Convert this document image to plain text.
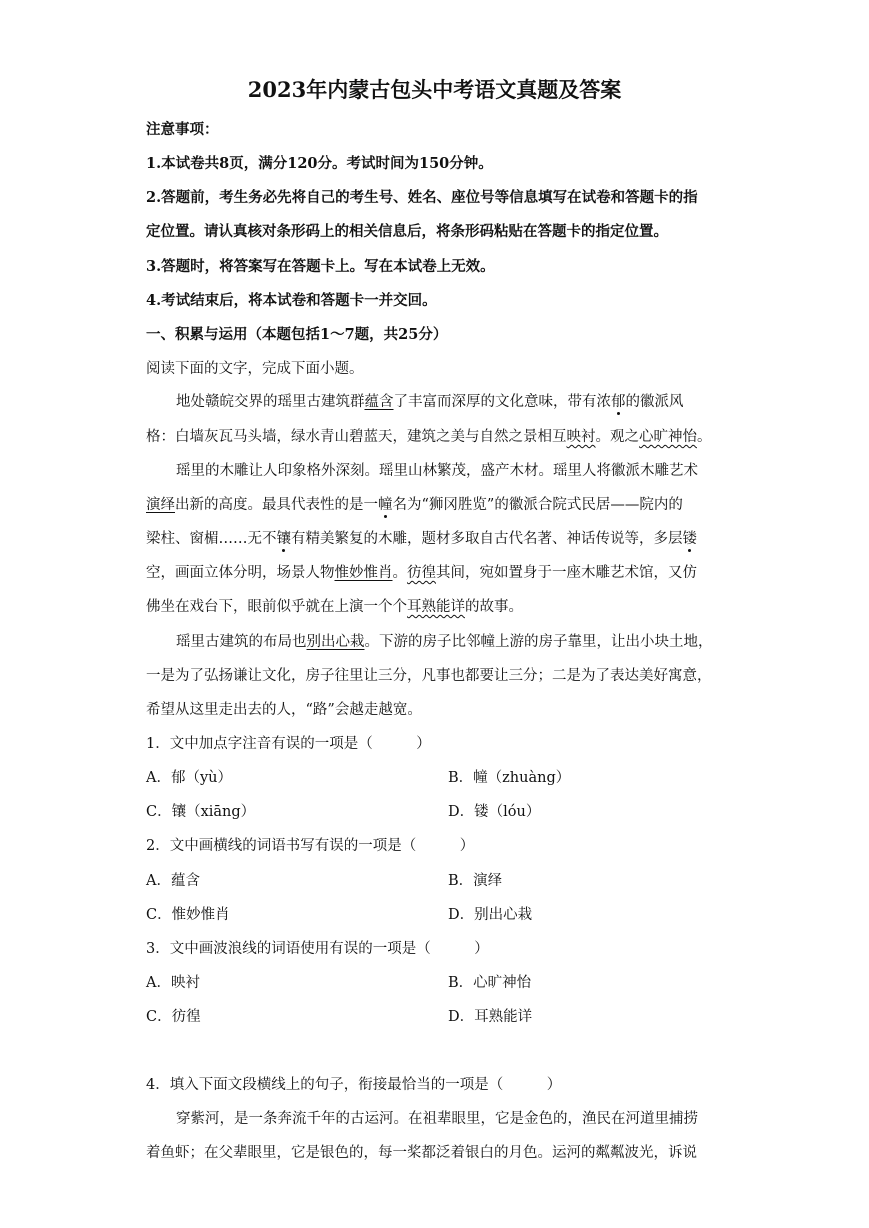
2023年内蒙古包头中考语文真题及答案
注意事项：
1.本试卷共8页，满分120分。考试时间为150分钟。
2.答题前，考生务必先将自己的考生号、姓名、座位号等信息填写在试卷和答题卡的指
定位置。请认真核对条形码上的相关信息后，将条形码粘贴在答题卡的指定位置。
3.答题时，将答案写在答题卡上。写在本试卷上无效。
4.考试结束后，将本试卷和答题卡一并交回。
一、积累与运用（本题包括1～7题，共25分）
阅读下面的文字，完成下面小题。
地处赣皖交界的瑶里古建筑群蕴含了丰富而深厚的文化意味，带有浓郁的徽派风
格：白墙灰瓦马头墙，绿水青山碧蓝天，建筑之美与自然之景相互映衬。观之心旷神怡。
瑶里的木雕让人印象格外深刻。瑶里山林繁茂，盛产木材。瑶里人将徽派木雕艺术
演绎出新的高度。最具代表性的是一幢名为“狮冈胜览”的徽派合院式民居——院内的
梁柱、窗楣……无不镶有精美繁复的木雕，题材多取自古代名著、神话传说等，多层镂
空，画面立体分明，场景人物惟妙惟肖。彷徨其间，宛如置身于一座木雕艺术馆，又仿
佛坐在戏台下，眼前似乎就在上演一个个耳熟能详的故事。
瑶里古建筑的布局也别出心栽。下游的房子比邻幢上游的房子靠里，让出小块土地，
一是为了弘扬谦让文化，房子往里让三分，凡事也都要让三分；二是为了表达美好寓意，
希望从这里走出去的人，“路”会越走越宽。
1．文中加点字注音有误的一项是（　　　）
A．郁（yù）	B．幢（zhuàng）
C．镶（xiāng）	D．镂（lóu）
2．文中画横线的词语书写有误的一项是（　　　）
A．蕴含	B．演绎
C．惟妙惟肖	D．别出心栽
3．文中画波浪线的词语使用有误的一项是（　　　）
A．映衬	B．心旷神怡
C．彷徨	D．耳熟能详
4．填入下面文段横线上的句子，衔接最恰当的一项是（　　　）
穿紫河，是一条奔流千年的古运河。在祖辈眼里，它是金色的，渔民在河道里捕捞
着鱼虾；在父辈眼里，它是银色的，每一桨都泛着银白的月色。运河的粼粼波光，诉说
